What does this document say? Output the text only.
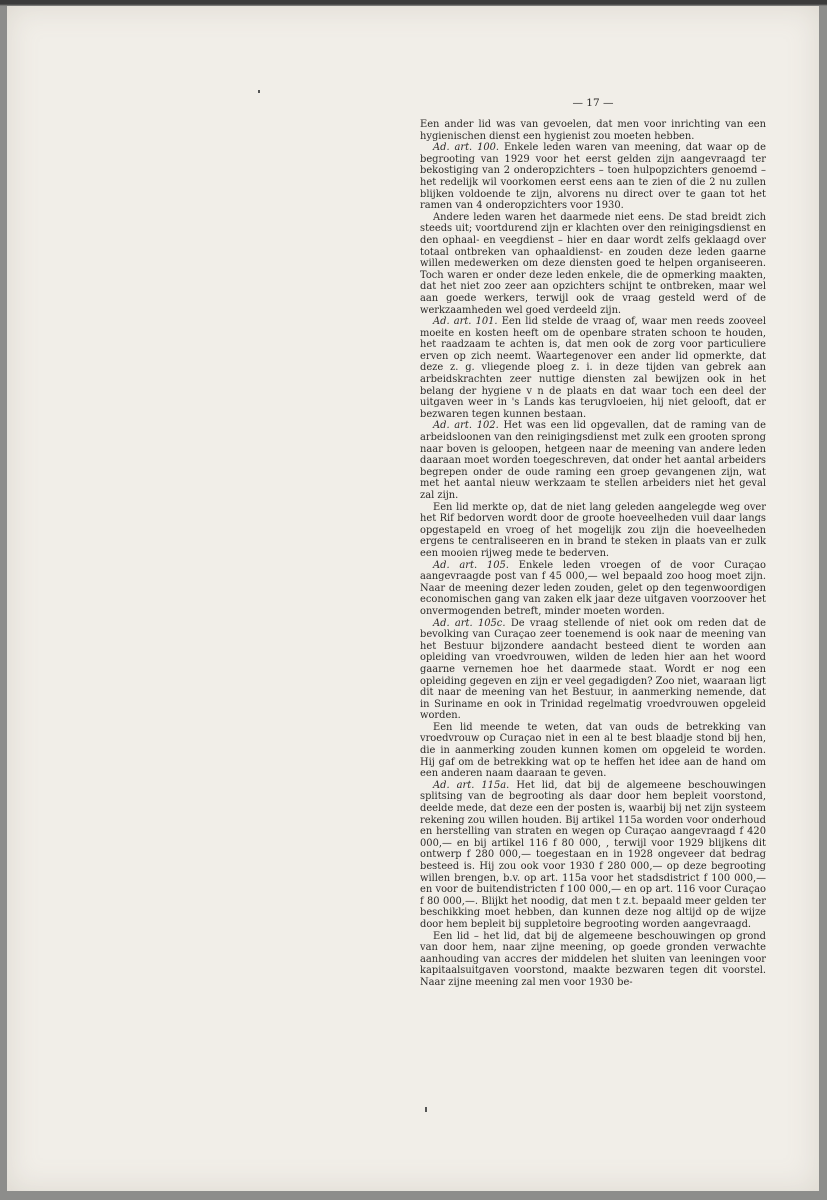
— 17 —

Een ander lid was van gevoelen, dat men voor inrichting van een hygienischen dienst een hygienist zou moeten hebben.

Ad. art. 100. Enkele leden waren van meening, dat waar op de begrooting van 1929 voor het eerst gelden zijn aangevraagd ter bekostiging van 2 onderopzichters – toen hulpopzichters genoemd – het redelijk wil voorkomen eerst eens aan te zien of die 2 nu zullen blijken voldoende te zijn, alvorens nu direct over te gaan tot het ramen van 4 onderopzichters voor 1930.

Andere leden waren het daarmede niet eens. De stad breidt zich steeds uit; voortdurend zijn er klachten over den reinigingsdienst en den ophaal- en veegdienst – hier en daar wordt zelfs geklaagd over totaal ontbreken van ophaaldienst- en zouden deze leden gaarne willen medewerken om deze diensten goed te helpen organiseeren. Toch waren er onder deze leden enkele, die de opmerking maakten, dat het niet zoo zeer aan opzichters schijnt te ontbreken, maar wel aan goede werkers, terwijl ook de vraag gesteld werd of de werkzaamheden wel goed verdeeld zijn.

Ad. art. 101. Een lid stelde de vraag of, waar men reeds zooveel moeite en kosten heeft om de openbare straten schoon te houden, het raadzaam te achten is, dat men ook de zorg voor particuliere erven op zich neemt. Waartegenover een ander lid opmerkte, dat deze z. g. vliegende ploeg z. i. in deze tijden van gebrek aan arbeidskrachten zeer nuttige diensten zal bewijzen ook in het belang der hygiene v n de plaats en dat waar toch een deel der uitgaven weer in 's Lands kas terugvloeien, hij niet gelooft, dat er bezwaren tegen kunnen bestaan.

Ad. art. 102. Het was een lid opgevallen, dat de raming van de arbeidsloonen van den reinigingsdienst met zulk een grooten sprong naar boven is geloopen, hetgeen naar de meening van andere leden daaraan moet worden toegeschreven, dat onder het aantal arbeiders begrepen onder de oude raming een groep gevangenen zijn, wat met het aantal nieuw werkzaam te stellen arbeiders niet het geval zal zijn.

Een lid merkte op, dat de niet lang geleden aangelegde weg over het Rif bedorven wordt door de groote hoeveelheden vuil daar langs opgestapeld en vroeg of het mogelijk zou zijn die hoeveelheden ergens te centraliseeren en in brand te steken in plaats van er zulk een mooien rijweg mede te bederven.

Ad. art. 105. Enkele leden vroegen of de voor Curaçao aangevraagde post van f 45 000,— wel bepaald zoo hoog moet zijn. Naar de meening dezer leden zouden, gelet op den tegenwoordigen economischen gang van zaken elk jaar deze uitgaven voorzoover het onvermogenden betreft, minder moeten worden.

Ad. art. 105c. De vraag stellende of niet ook om reden dat de bevolking van Curaçao zeer toenemend is ook naar de meening van het Bestuur bijzondere aandacht besteed dient te worden aan opleiding van vroedvrouwen, wilden de leden hier aan het woord gaarne vernemen hoe het daarmede staat. Wordt er nog een opleiding gegeven en zijn er veel gegadigden? Zoo niet, waaraan ligt dit naar de meening van het Bestuur, in aanmerking nemende, dat in Suriname en ook in Trinidad regelmatig vroedvrouwen opgeleid worden.

Een lid meende te weten, dat van ouds de betrekking van vroedvrouw op Curaçao niet in een al te best blaadje stond bij hen, die in aanmerking zouden kunnen komen om opgeleid te worden. Hij gaf om de betrekking wat op te heffen het idee aan de hand om een anderen naam daaraan te geven.

Ad. art. 115a. Het lid, dat bij de algemeene beschouwingen splitsing van de begrooting als daar door hem bepleit voorstond, deelde mede, dat deze een der posten is, waarbij bij net zijn systeem rekening zou willen houden. Bij artikel 115a worden voor onderhoud en herstelling van straten en wegen op Curaçao aangevraagd f 420 000,— en bij artikel 116 f 80 000, , terwijl voor 1929 blijkens dit ontwerp f 280 000,— toegestaan en in 1928 ongeveer dat bedrag besteed is. Hij zou ook voor 1930 f 280 000,— op deze begrooting willen brengen, b.v. op art. 115a voor het stadsdistrict f 100 000,— en voor de buitendistricten f 100 000,— en op art. 116 voor Curaçao f 80 000,—. Blijkt het noodig, dat men t z.t. bepaald meer gelden ter beschikking moet hebben, dan kunnen deze nog altijd op de wijze door hem bepleit bij suppletoire begrooting worden aangevraagd.

Een lid – het lid, dat bij de algemeene beschouwingen op grond van door hem, naar zijne meening, op goede gronden verwachte aanhouding van accres der middelen het sluiten van leeningen voor kapitaalsuitgaven voorstond, maakte bezwaren tegen dit voorstel. Naar zijne meening zal men voor 1930 be-
